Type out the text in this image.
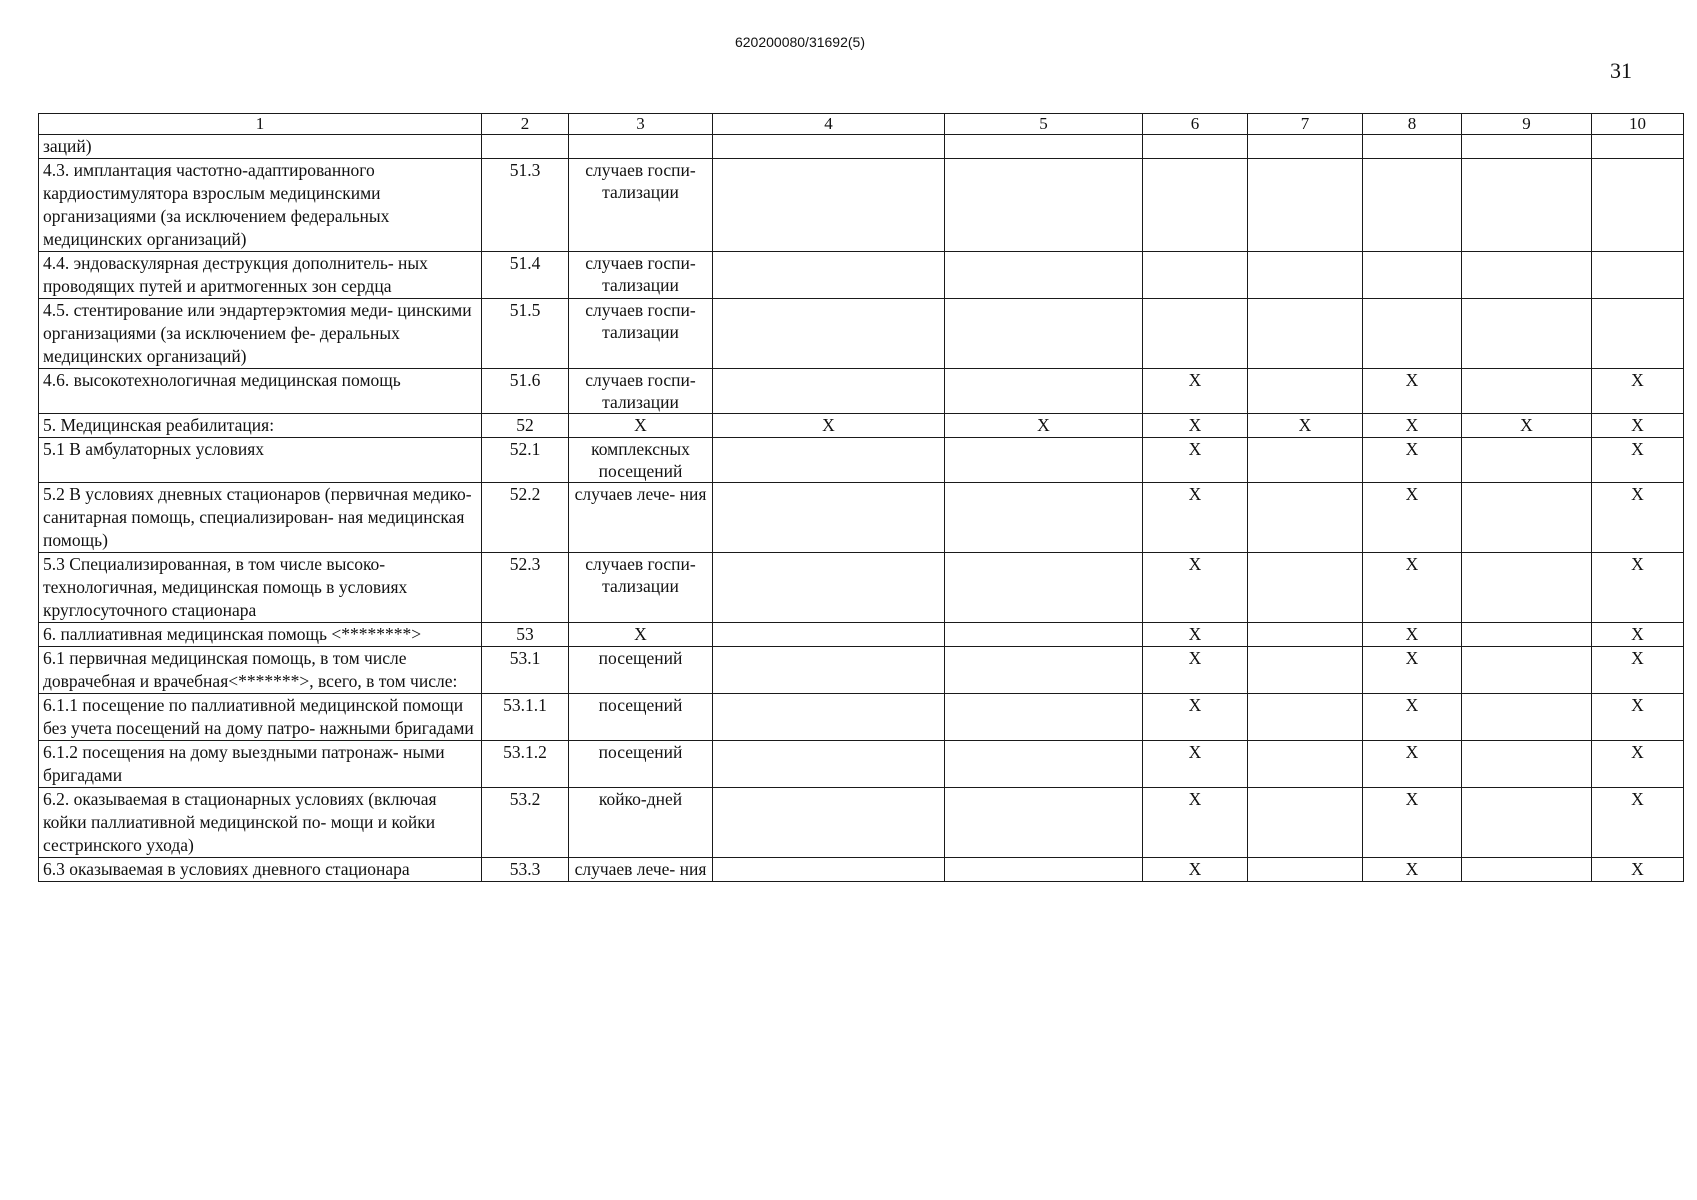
620200080/31692(5)
31
1	2	3	4	5	6	7	8	9	10
заций)									
4.3. имплантация частотно-адаптированного кардиостимулятора взрослым медицинскими организациями (за исключением федеральных медицинских организаций)	51.3	случаев госпи- тализации							
4.4. эндоваскулярная деструкция дополнитель- ных проводящих путей и аритмогенных зон сердца	51.4	случаев госпи- тализации							
4.5. стентирование или эндартерэктомия меди- цинскими организациями (за исключением фе- деральных медицинских организаций)	51.5	случаев госпи- тализации							
4.6. высокотехнологичная медицинская помощь	51.6	случаев госпи- тализации			X		X		X
5. Медицинская реабилитация:	52	X	X	X	X	X	X	X	X
5.1 В амбулаторных условиях	52.1	комплексных посещений			X		X		X
5.2 В условиях дневных стационаров (первичная медико-санитарная помощь, специализирован- ная медицинская помощь)	52.2	случаев лече- ния			X		X		X
5.3 Специализированная, в том числе высоко- технологичная, медицинская помощь в условиях круглосуточного стационара	52.3	случаев госпи- тализации			X		X		X
6. паллиативная медицинская помощь <********>	53	X			X		X		X
6.1 первичная медицинская помощь, в том числе доврачебная и врачебная<*******>, всего, в том числе:	53.1	посещений			X		X		X
6.1.1 посещение по паллиативной медицинской помощи без учета посещений на дому патро- нажными бригадами	53.1.1	посещений			X		X		X
6.1.2 посещения на дому выездными патронаж- ными бригадами	53.1.2	посещений			X		X		X
6.2. оказываемая в стационарных условиях (включая койки паллиативной медицинской по- мощи и койки сестринского ухода)	53.2	койко-дней			X		X		X
6.3 оказываемая в условиях дневного стационара	53.3	случаев лече- ния			X		X		X
